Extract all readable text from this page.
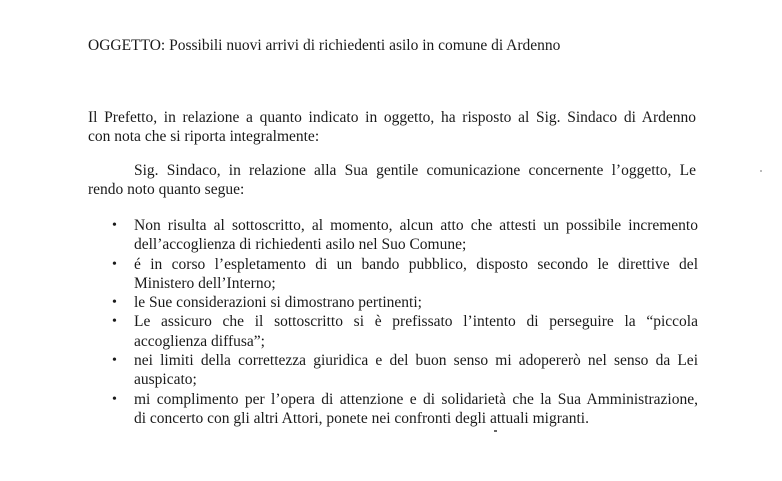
OGGETTO: Possibili nuovi arrivi di richiedenti asilo in comune di Ardenno
Il Prefetto, in relazione a quanto indicato in oggetto, ha risposto al Sig. Sindaco di Ardenno
con nota che si riporta integralmente:
Sig. Sindaco, in relazione alla Sua gentile comunicazione concernente l’oggetto, Le
rendo noto quanto segue:
• Non risulta al sottoscritto, al momento, alcun atto che attesti un possibile incremento
dell’accoglienza di richiedenti asilo nel Suo Comune;
• é in corso l’espletamento di un bando pubblico, disposto secondo le direttive del
Ministero dell’Interno;
• le Sue considerazioni si dimostrano pertinenti;
• Le assicuro che il sottoscritto si è prefissato l’intento di perseguire la “piccola
accoglienza diffusa”;
• nei limiti della correttezza giuridica e del buon senso mi adopererò nel senso da Lei
auspicato;
• mi complimento per l’opera di attenzione e di solidarietà che la Sua Amministrazione,
di concerto con gli altri Attori, ponete nei confronti degli attuali migranti.
